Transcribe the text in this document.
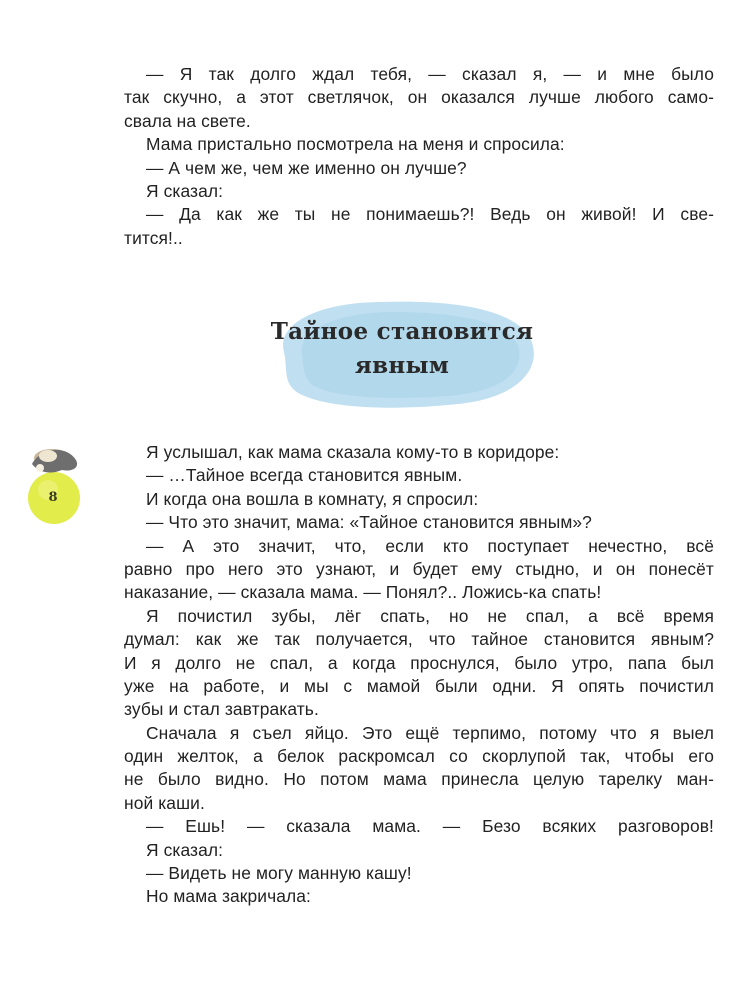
— Я так долго ждал тебя, — сказал я, — и мне было
так скучно, а этот светлячок, он оказался лучше любого само-
свала на свете.
Мама пристально посмотрела на меня и спросила:
— А чем же, чем же именно он лучше?
Я сказал:
— Да как же ты не понимаешь?! Ведь он живой! И све-
тится!..
Тайное становится
явным
8
Я услышал, как мама сказала кому-то в коридоре:
— …Тайное всегда становится явным.
И когда она вошла в комнату, я спросил:
— Что это значит, мама: «Тайное становится явным»?
— А это значит, что, если кто поступает нечестно, всё
равно про него это узнают, и будет ему стыдно, и он понесёт
наказание, — сказала мама. — Понял?.. Ложись-ка спать!
Я почистил зубы, лёг спать, но не спал, а всё время
думал: как же так получается, что тайное становится явным?
И я долго не спал, а когда проснулся, было утро, папа был
уже на работе, и мы с мамой были одни. Я опять почистил
зубы и стал завтракать.
Сначала я съел яйцо. Это ещё терпимо, потому что я выел
один желток, а белок раскромсал со скорлупой так, чтобы его
не было видно. Но потом мама принесла целую тарелку ман-
ной каши.
— Ешь! — сказала мама. — Безо всяких разговоров!
Я сказал:
— Видеть не могу манную кашу!
Но мама закричала:
